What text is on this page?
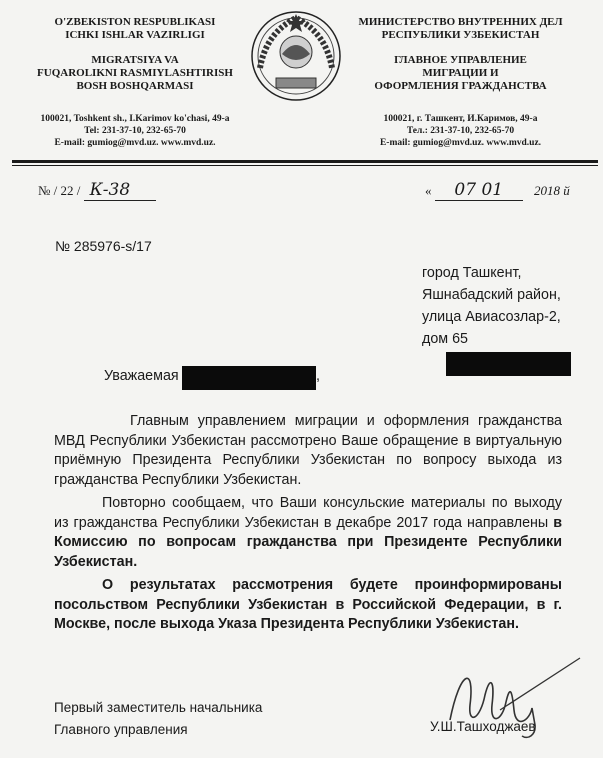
O'ZBEKISTON RESPUBLIKASI
ICHKI ISHLAR VAZIRLIGI
MIGRATSIYA VA
FUQAROLIKNI RASMIYLASHTIRISH
BOSH BOSHQARMASI
100021, Toshkent sh., I.Karimov ko'chasi, 49-a
Tel: 231-37-10, 232-65-70
E-mail: gumiog@mvd.uz. www.mvd.uz.
МИНИСТЕРСТВО ВНУТРЕННИХ ДЕЛ
РЕСПУБЛИКИ УЗБЕКИСТАН
ГЛАВНОЕ УПРАВЛЕНИЕ
МИГРАЦИИ И
ОФОРМЛЕНИЯ ГРАЖДАНСТВА
100021, г. Ташкент, И.Каримов, 49-а
Тел.: 231-37-10, 232-65-70
E-mail: gumiog@mvd.uz. www.mvd.uz.
№ / 22 / К-38	« 07 01 2018 й
№ 285976-s/17
город Ташкент,
Яшнабадский район,
улица Авиасозлар-2,
дом 65
Уважаемая	,

Главным управлением миграции и оформления гражданства МВД Республики Узбекистан рассмотрено Ваше обращение в виртуальную приёмную Президента Республики Узбекистан по вопросу выхода из гражданства Республики Узбекистан.

Повторно сообщаем, что Ваши консульские материалы по выходу из гражданства Республики Узбекистан в декабре 2017 года направлены в Комиссию по вопросам гражданства при Президенте Республики Узбекистан.

О результатах рассмотрения будете проинформированы посольством Республики Узбекистан в Российской Федерации, в г. Москве, после выхода Указа Президента Республики Узбекистан.

Первый заместитель начальника
Главного управления	У.Ш.Ташходжаев
